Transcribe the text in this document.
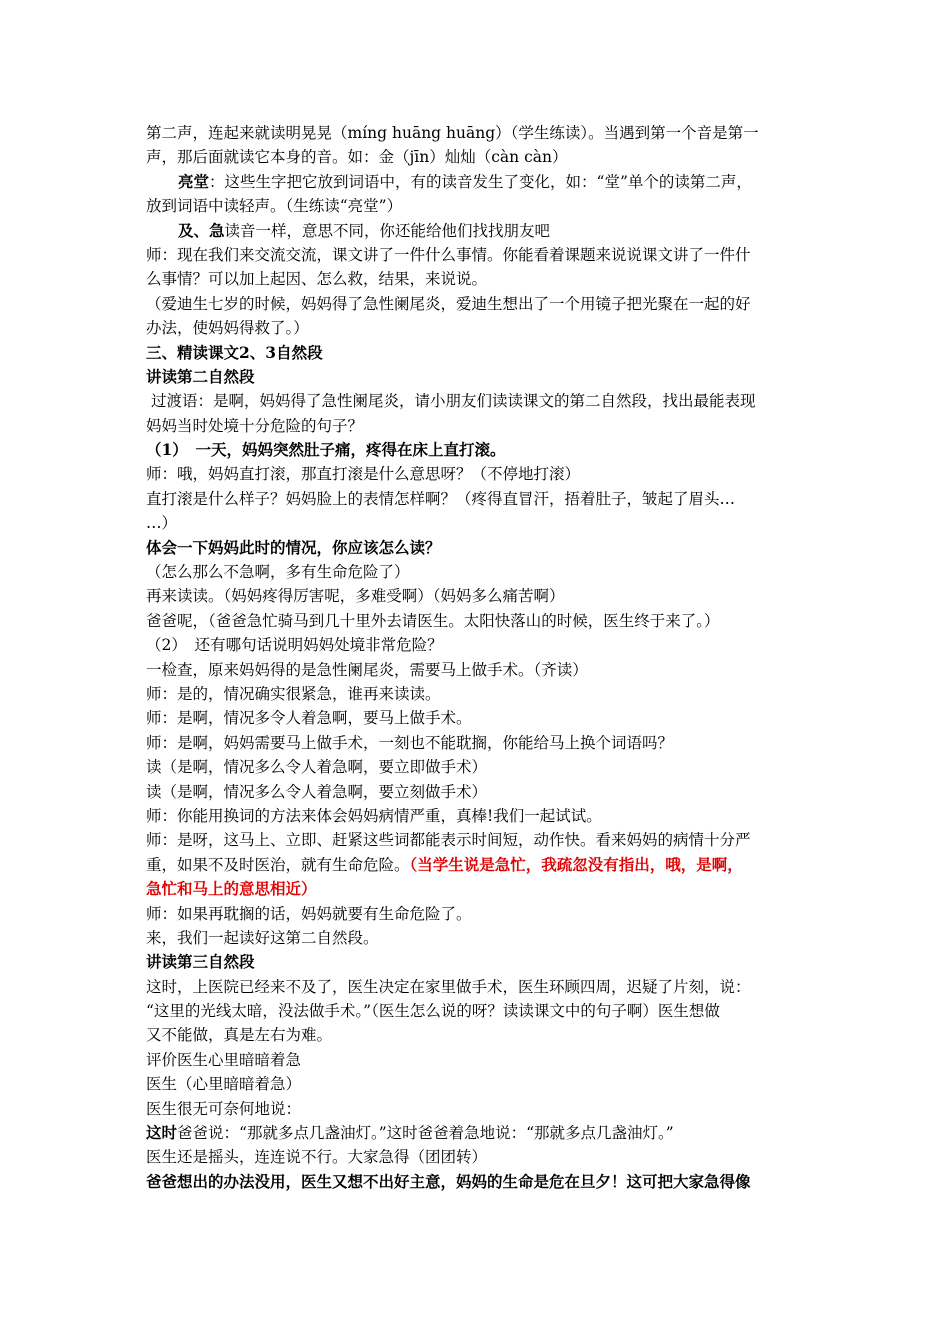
第二声，连起来就读明晃晃（míng huāng huāng）（学生练读）。当遇到第一个音是第一
声，那后面就读它本身的音。如：金（jīn）灿灿（càn càn）
亮堂：这些生字把它放到词语中，有的读音发生了变化，如：“堂”单个的读第二声，
放到词语中读轻声。（生练读“亮堂”）
及、急读音一样，意思不同，你还能给他们找找朋友吧
师：现在我们来交流交流，课文讲了一件什么事情。你能看着课题来说说课文讲了一件什
么事情？可以加上起因、怎么救，结果，来说说。
（爱迪生七岁的时候，妈妈得了急性阑尾炎，爱迪生想出了一个用镜子把光聚在一起的好
办法，使妈妈得救了。）
三、精读课文2、3自然段
讲读第二自然段
过渡语：是啊，妈妈得了急性阑尾炎，请小朋友们读读课文的第二自然段，找出最能表现
妈妈当时处境十分危险的句子？
（1）　一天，妈妈突然肚子痛，疼得在床上直打滚。
师：哦，妈妈直打滚，那直打滚是什么意思呀？（不停地打滚）
直打滚是什么样子？妈妈脸上的表情怎样啊？（疼得直冒汗，捂着肚子，皱起了眉头…
…）
体会一下妈妈此时的情况，你应该怎么读？
（怎么那么不急啊，多有生命危险了）
再来读读。（妈妈疼得厉害呢，多难受啊）（妈妈多么痛苦啊）
爸爸呢，（爸爸急忙骑马到几十里外去请医生。太阳快落山的时候，医生终于来了。）
（2）　还有哪句话说明妈妈处境非常危险？
一检查，原来妈妈得的是急性阑尾炎，需要马上做手术。（齐读）
师：是的，情况确实很紧急，谁再来读读。
师：是啊，情况多令人着急啊，要马上做手术。
师：是啊，妈妈需要马上做手术，一刻也不能耽搁，你能给马上换个词语吗？
读（是啊，情况多么令人着急啊，要立即做手术）
读（是啊，情况多么令人着急啊，要立刻做手术）
师：你能用换词的方法来体会妈妈病情严重，真棒!我们一起试试。
师：是呀，这马上、立即、赶紧这些词都能表示时间短，动作快。看来妈妈的病情十分严
重，如果不及时医治，就有生命危险。（当学生说是急忙，我疏忽没有指出，哦，是啊，
急忙和马上的意思相近）
师：如果再耽搁的话，妈妈就要有生命危险了。
来，我们一起读好这第二自然段。
讲读第三自然段
这时，上医院已经来不及了，医生决定在家里做手术，医生环顾四周，迟疑了片刻，说：
“这里的光线太暗，没法做手术。”（医生怎么说的呀？读读课文中的句子啊）医生想做
又不能做，真是左右为难。
评价医生心里暗暗着急
医生（心里暗暗着急）
医生很无可奈何地说：
这时爸爸说：“那就多点几盏油灯。”这时爸爸着急地说：“那就多点几盏油灯。”
医生还是摇头，连连说不行。大家急得（团团转）
爸爸想出的办法没用，医生又想不出好主意，妈妈的生命是危在旦夕！这可把大家急得像
